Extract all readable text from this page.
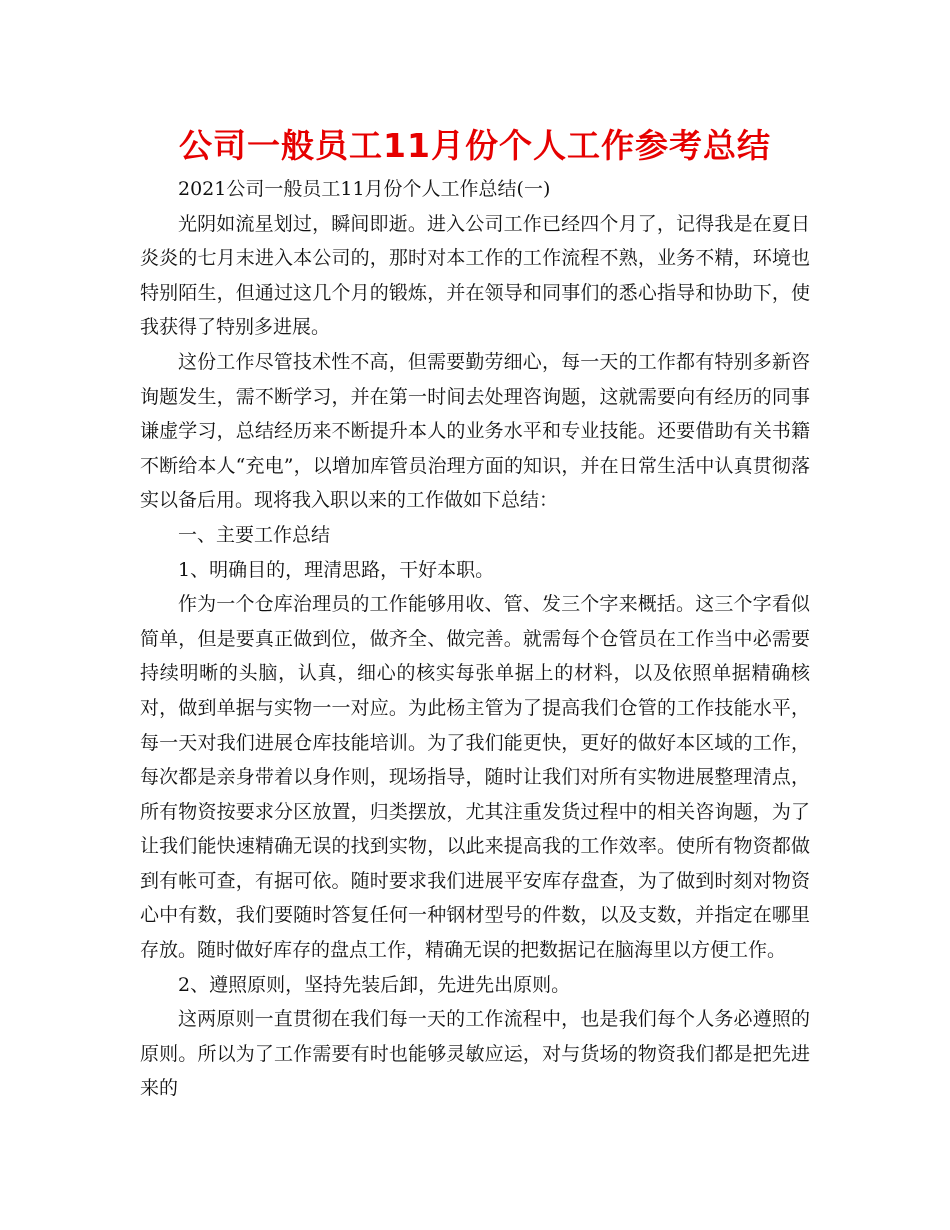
公司一般员工11月份个人工作参考总结

2021公司一般员工11月份个人工作总结(一)

光阴如流星划过，瞬间即逝。进入公司工作已经四个月了，记得我是在夏日炎炎的七月末进入本公司的，那时对本工作的工作流程不熟，业务不精，环境也特别陌生，但通过这几个月的锻炼，并在领导和同事们的悉心指导和协助下，使我获得了特别多进展。

这份工作尽管技术性不高，但需要勤劳细心，每一天的工作都有特别多新咨询题发生，需不断学习，并在第一时间去处理咨询题，这就需要向有经历的同事谦虚学习，总结经历来不断提升本人的业务水平和专业技能。还要借助有关书籍不断给本人“充电”，以增加库管员治理方面的知识，并在日常生活中认真贯彻落实以备后用。现将我入职以来的工作做如下总结：

一、主要工作总结

1、明确目的，理清思路，干好本职。

作为一个仓库治理员的工作能够用收、管、发三个字来概括。这三个字看似简单，但是要真正做到位，做齐全、做完善。就需每个仓管员在工作当中必需要持续明晰的头脑，认真，细心的核实每张单据上的材料，以及依照单据精确核对，做到单据与实物一一对应。为此杨主管为了提高我们仓管的工作技能水平，每一天对我们进展仓库技能培训。为了我们能更快，更好的做好本区域的工作，每次都是亲身带着以身作则，现场指导，随时让我们对所有实物进展整理清点，所有物资按要求分区放置，归类摆放，尤其注重发货过程中的相关咨询题，为了让我们能快速精确无误的找到实物，以此来提高我的工作效率。使所有物资都做到有帐可查，有据可依。随时要求我们进展平安库存盘查，为了做到时刻对物资心中有数，我们要随时答复任何一种钢材型号的件数，以及支数，并指定在哪里存放。随时做好库存的盘点工作，精确无误的把数据记在脑海里以方便工作。

2、遵照原则，坚持先装后卸，先进先出原则。

这两原则一直贯彻在我们每一天的工作流程中，也是我们每个人务必遵照的原则。所以为了工作需要有时也能够灵敏应运，对与货场的物资我们都是把先进来的
